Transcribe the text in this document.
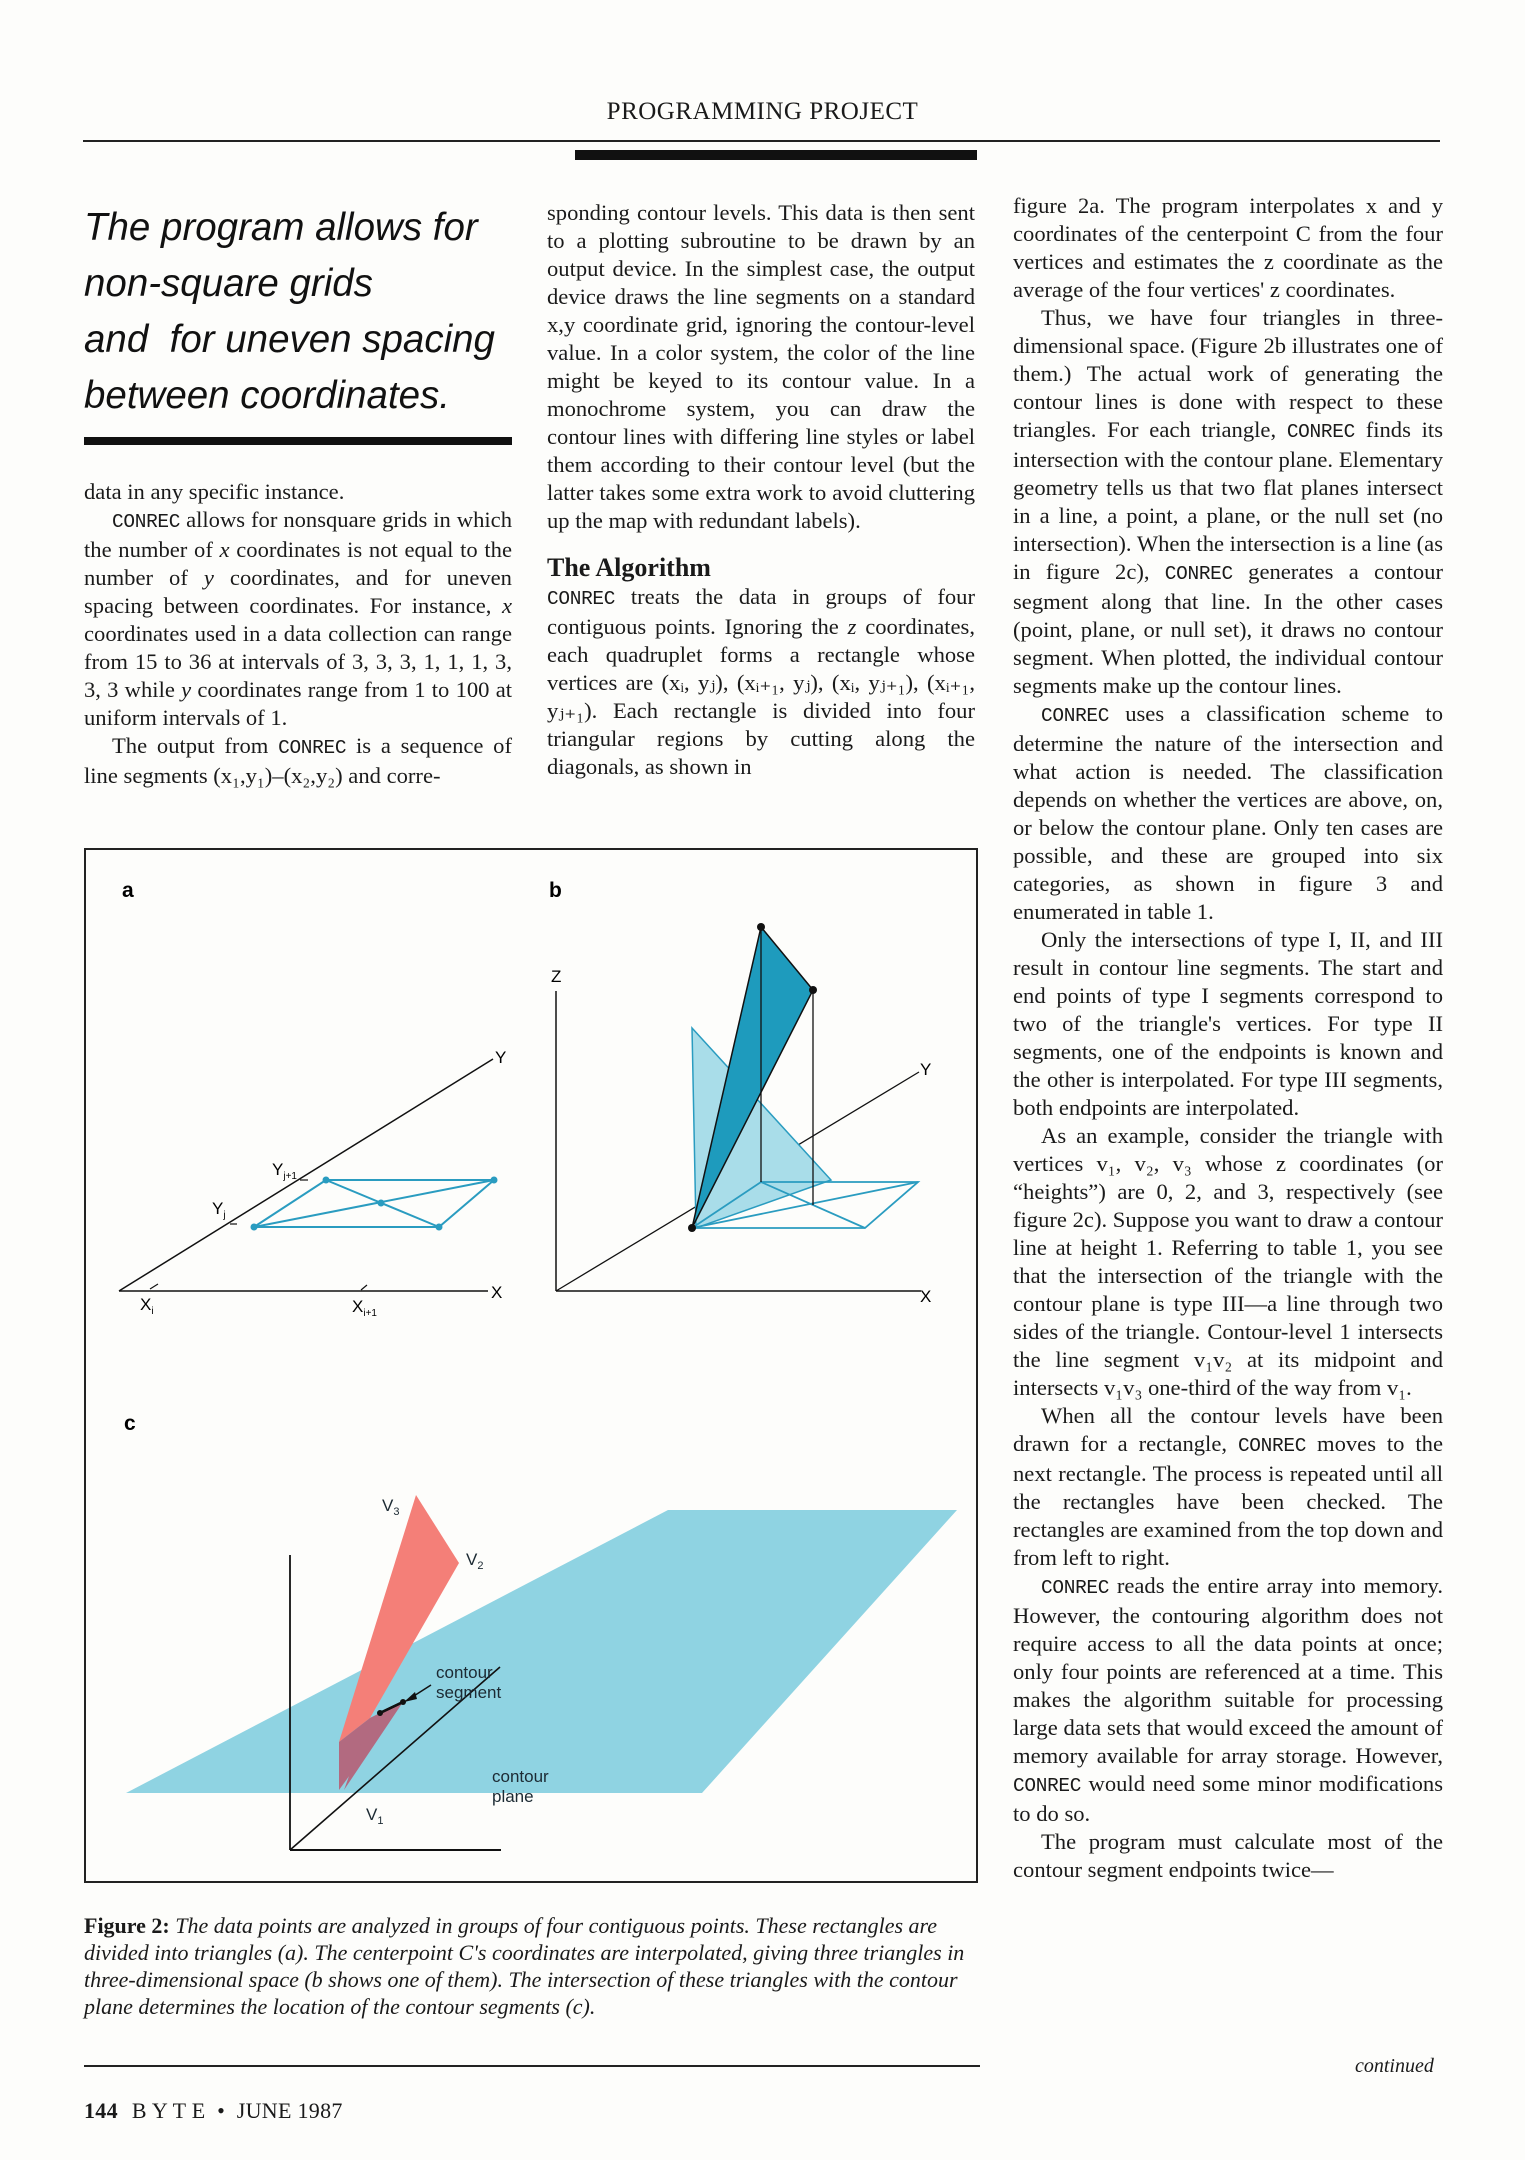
PROGRAMMING PROJECT
The program allows for
non-square grids
and  for uneven spacing
between coordinates.

data in any specific instance.

CONREC allows for nonsquare grids in which the number of x coordinates is not equal to the number of y coordinates, and for uneven spacing between coordinates. For instance, x coordinates used in a data collection can range from 15 to 36 at intervals of 3, 3, 3, 1, 1, 1, 3, 3, 3 while y coordinates range from 1 to 100 at uniform intervals of 1.

The output from CONREC is a sequence of line segments (x₁,y₁)–(x₂,y₂) and corre-

sponding contour levels. This data is then sent to a plotting subroutine to be drawn by an output device. In the simplest case, the output device draws the line segments on a standard x,y coordinate grid, ignoring the contour-level value. In a color system, the color of the line might be keyed to its contour value. In a monochrome system, you can draw the contour lines with differing line styles or label them according to their contour level (but the latter takes some extra work to avoid cluttering up the map with redundant labels).

The Algorithm

CONREC treats the data in groups of four contiguous points. Ignoring the z coordinates, each quadruplet forms a rectangle whose vertices are (xᵢ, yⱼ), (xᵢ₊₁, yⱼ), (xᵢ, yⱼ₊₁), (xᵢ₊₁, yⱼ₊₁). Each rectangle is divided into four triangular regions by cutting along the diagonals, as shown in

figure 2a. The program interpolates x and y coordinates of the centerpoint C from the four vertices and estimates the z coordinate as the average of the four vertices' z coordinates.

Thus, we have four triangles in three-dimensional space. (Figure 2b illustrates one of them.) The actual work of generating the contour lines is done with respect to these triangles. For each triangle, CONREC finds its intersection with the contour plane. Elementary geometry tells us that two flat planes intersect in a line, a point, a plane, or the null set (no intersection). When the intersection is a line (as in figure 2c), CONREC generates a contour segment along that line. In the other cases (point, plane, or null set), it draws no contour segment. When plotted, the individual contour segments make up the contour lines.

CONREC uses a classification scheme to determine the nature of the intersection and what action is needed. The classification depends on whether the vertices are above, on, or below the contour plane. Only ten cases are possible, and these are grouped into six categories, as shown in figure 3 and enumerated in table 1.

Only the intersections of type I, II, and III result in contour line segments. The start and end points of type I segments correspond to two of the triangle's vertices. For type II segments, one of the endpoints is known and the other is interpolated. For type III segments, both endpoints are interpolated.

As an example, consider the triangle with vertices v₁, v₂, v₃ whose z coordinates (or “heights”) are 0, 2, and 3, respectively (see figure 2c). Suppose you want to draw a contour line at height 1. Referring to table 1, you see that the intersection of the triangle with the contour plane is type III—a line through two sides of the triangle. Contour-level 1 intersects the line segment v₁v₂ at its midpoint and intersects v₁v₃ one-third of the way from v₁.

When all the contour levels have been drawn for a rectangle, CONREC moves to the next rectangle. The process is repeated until all the rectangles have been checked. The rectangles are examined from the top down and from left to right.

CONREC reads the entire array into memory. However, the contouring algorithm does not require access to all the data points at once; only four points are referenced at a time. This makes the algorithm suitable for processing large data sets that would exceed the amount of memory available for array storage. However, CONREC would need some minor modifications to do so.

The program must calculate most of the contour segment endpoints twice—

continued
a
Y
X
$X_i$	$X_{i+1}$
$Y_j$
$Y_{j+1}$
b
Z
Y
X
c
$V_3$
$V_2$
$V_1$
contour
segment
contour
plane
Figure 2: The data points are analyzed in groups of four contiguous points. These rectangles are divided into triangles (a). The centerpoint C's coordinates are interpolated, giving three triangles in three-dimensional space (b shows one of them). The intersection of these triangles with the contour plane determines the location of the contour segments (c).
144 B Y T E  •  JUNE 1987
